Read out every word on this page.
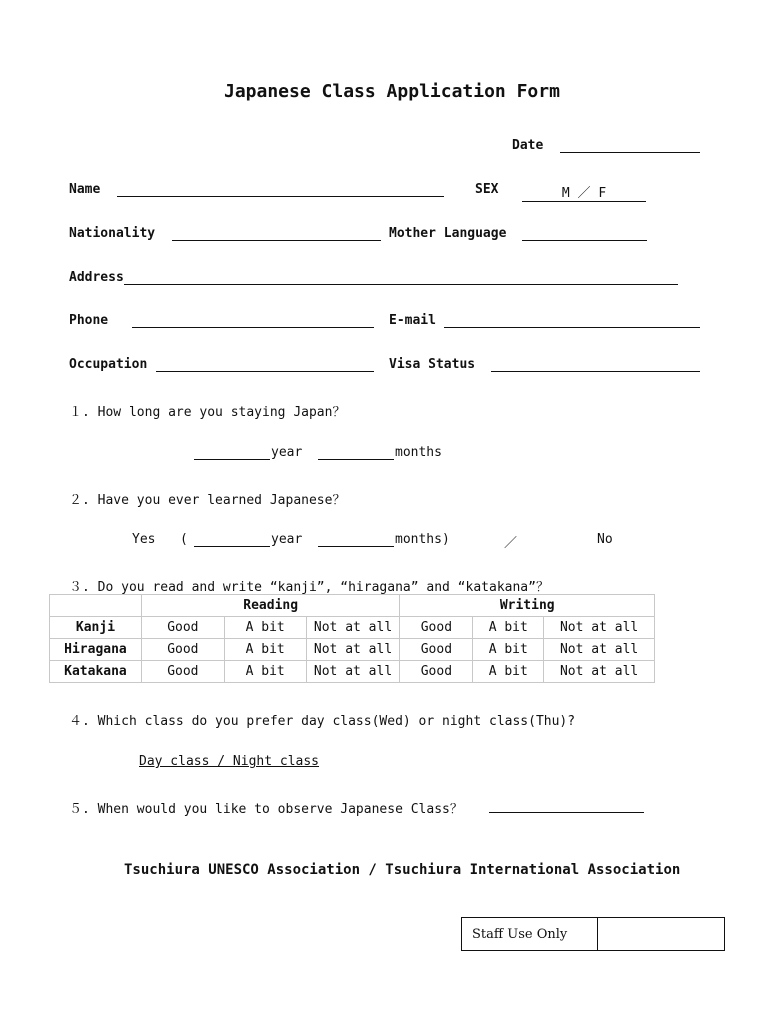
Japanese Class Application Form
Date
Name	SEX	M ／ F
Nationality	Mother Language
Address
Phone	E-mail
Occupation	Visa Status
１. How long are you staying Japan？
year	months
２. Have you ever learned Japanese？
Yes (	year	months)	／	No
３. Do you read and write “kanji”, “hiragana” and “katakana”？
	Reading			Writing		
Kanji	Good	A bit	Not at all	Good	A bit	Not at all
Hiragana	Good	A bit	Not at all	Good	A bit	Not at all
Katakana	Good	A bit	Not at all	Good	A bit	Not at all
４. Which class do you prefer day class(Wed) or night class(Thu)?
Day class / Night class
５. When would you like to observe Japanese Class？
Tsuchiura UNESCO Association / Tsuchiura International Association
Staff Use Only
